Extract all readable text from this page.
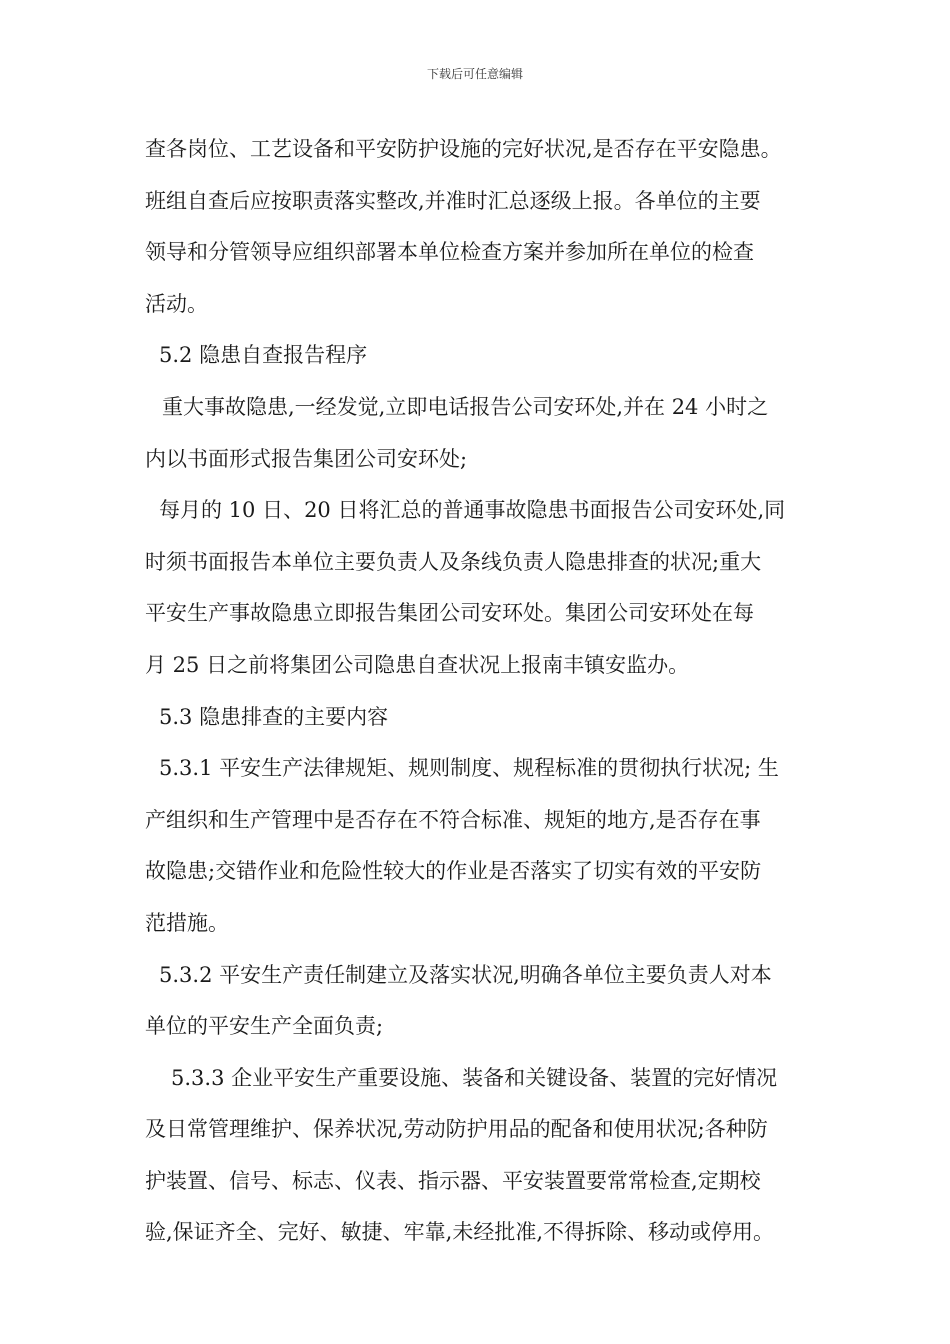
下载后可任意编辑
查各岗位、工艺设备和平安防护设施的完好状况,是否存在平安隐患。
班组自查后应按职责落实整改,并准时汇总逐级上报。各单位的主要
领导和分管领导应组织部署本单位检查方案并参加所在单位的检查
活动。
5.2 隐患自查报告程序
重大事故隐患,一经发觉,立即电话报告公司安环处,并在 24 小时之
内以书面形式报告集团公司安环处;
每月的 10 日、20 日将汇总的普通事故隐患书面报告公司安环处,同
时须书面报告本单位主要负责人及条线负责人隐患排查的状况;重大
平安生产事故隐患立即报告集团公司安环处。集团公司安环处在每
月 25 日之前将集团公司隐患自查状况上报南丰镇安监办。
5.3 隐患排查的主要内容
5.3.1 平安生产法律规矩、规则制度、规程标准的贯彻执行状况; 生
产组织和生产管理中是否存在不符合标准、规矩的地方,是否存在事
故隐患;交错作业和危险性较大的作业是否落实了切实有效的平安防
范措施。
5.3.2 平安生产责任制建立及落实状况,明确各单位主要负责人对本
单位的平安生产全面负责;
5.3.3 企业平安生产重要设施、装备和关键设备、装置的完好情况
及日常管理维护、保养状况,劳动防护用品的配备和使用状况;各种防
护装置、信号、标志、仪表、指示器、平安装置要常常检查,定期校
验,保证齐全、完好、敏捷、牢靠,未经批准,不得拆除、移动或停用。
